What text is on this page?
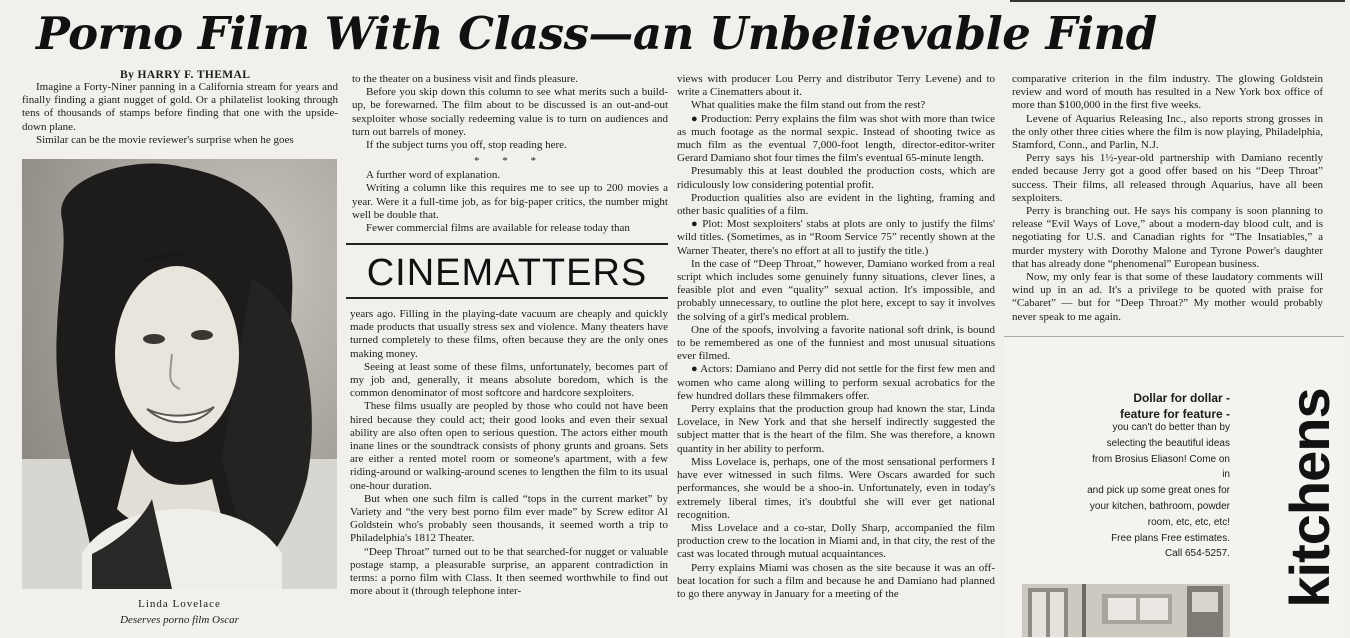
Porno Film With Class—an Unbelievable Find
By HARRY F. THEMAL

Imagine a Forty-Niner panning in a California stream for years and finally finding a giant nugget of gold. Or a philatelist looking through tens of thousands of stamps before finding that one with the upside-down plane.

Similar can be the movie reviewer's surprise when he goes

Linda Lovelace
Deserves porno film Oscar

to the theater on a business visit and finds pleasure.

Before you skip down this column to see what merits such a build-up, be forewarned. The film about to be discussed is an out-and-out sexploiter whose socially redeeming value is to turn on audiences and turn out barrels of money.

If the subject turns you off, stop reading here.

* * *

A further word of explanation.

Writing a column like this requires me to see up to 200 movies a year. Were it a full-time job, as for big-paper critics, the number might well be double that.

Fewer commercial films are available for release today than

CINEMATTERS

years ago. Filling in the playing-date vacuum are cheaply and quickly made products that usually stress sex and violence. Many theaters have turned completely to these films, often because they are the only ones making money.

Seeing at least some of these films, unfortunately, becomes part of my job and, generally, it means absolute boredom, which is the common denominator of most softcore and hardcore sexploiters.

These films usually are peopled by those who could not have been hired because they could act; their good looks and even their sexual ability are also often open to serious question. The actors either mouth inane lines or the soundtrack consists of phony grunts and groans. Sets are either a rented motel room or someone's apartment, with a few riding-around or walking-around scenes to lengthen the film to its usual one-hour duration.

But when one such film is called “tops in the current market” by Variety and “the very best porno film ever made” by Screw editor Al Goldstein who's probably seen thousands, it seemed worth a trip to Philadelphia's 1812 Theater.

“Deep Throat” turned out to be that searched-for nugget or valuable postage stamp, a pleasurable surprise, an apparent contradiction in terms: a porno film with Class. It then seemed worthwhile to find out more about it (through telephone inter-

views with producer Lou Perry and distributor Terry Levene) and to write a Cinematters about it.

What qualities make the film stand out from the rest?

● Production: Perry explains the film was shot with more than twice as much footage as the normal sexpic. Instead of shooting twice as much film as the eventual 7,000-foot length, director-editor-writer Gerard Damiano shot four times the film's eventual 65-minute length.

Presumably this at least doubled the production costs, which are ridiculously low considering potential profit.

Production qualities also are evident in the lighting, framing and other basic qualities of a film.

● Plot: Most sexploiters' stabs at plots are only to justify the films' wild titles. (Sometimes, as in “Room Service 75” recently shown at the Warner Theater, there's no effort at all to justify the title.)

In the case of “Deep Throat,” however, Damiano worked from a real script which includes some genuinely funny situations, clever lines, a feasible plot and even “quality” sexual action. It's impossible, and probably unnecessary, to outline the plot here, except to say it involves the solving of a girl's medical problem.

One of the spoofs, involving a favorite national soft drink, is bound to be remembered as one of the funniest and most unusual situations ever filmed.

● Actors: Damiano and Perry did not settle for the first few men and women who came along willing to perform sexual acrobatics for the few hundred dollars these filmmakers offer.

Perry explains that the production group had known the star, Linda Lovelace, in New York and that she herself indirectly suggested the subject matter that is the heart of the film. She was therefore, a known quantity in her ability to perform.

Miss Lovelace is, perhaps, one of the most sensational performers I have ever witnessed in such films. Were Oscars awarded for such performances, she would be a shoo-in. Unfortunately, even in today's extremely liberal times, it's doubtful she will ever get national recognition.

Miss Lovelace and a co-star, Dolly Sharp, accompanied the film production crew to the location in Miami and, in that city, the rest of the cast was located through mutual acquaintances.

Perry explains Miami was chosen as the site because it was an off-beat location for such a film and because he and Damiano had planned to go there anyway in January for a meeting of the

comparative criterion in the film industry. The glowing Goldstein review and word of mouth has resulted in a New York box office of more than $100,000 in the first five weeks.

Levene of Aquarius Releasing Inc., also reports strong grosses in the only other three cities where the film is now playing, Philadelphia, Stamford, Conn., and Parlin, N.J.

Perry says his 1½-year-old partnership with Damiano recently ended because Jerry got a good offer based on his “Deep Throat” success. Their films, all released through Aquarius, have all been sexploiters.

Perry is branching out. He says his company is soon planning to release “Evil Ways of Love,” about a modern-day blood cult, and is negotiating for U.S. and Canadian rights for “The Insatiables,” a murder mystery with Dorothy Malone and Tyrone Power's daughter that has already done “phenomenal” European business.

Now, my only fear is that some of these laudatory comments will wind up in an ad. It's a privilege to be quoted with praise for “Cabaret” — but for “Deep Throat?” My mother would probably never speak to me again.

Dollar for dollar -
feature for feature -
you can't do better than by
selecting the beautiful ideas
from Brosius Eliason! Come on
in
and pick up some great ones for
your kitchen, bathroom, powder
room, etc, etc, etc!
Free plans Free estimates.
Call 654-5257. kitchens
